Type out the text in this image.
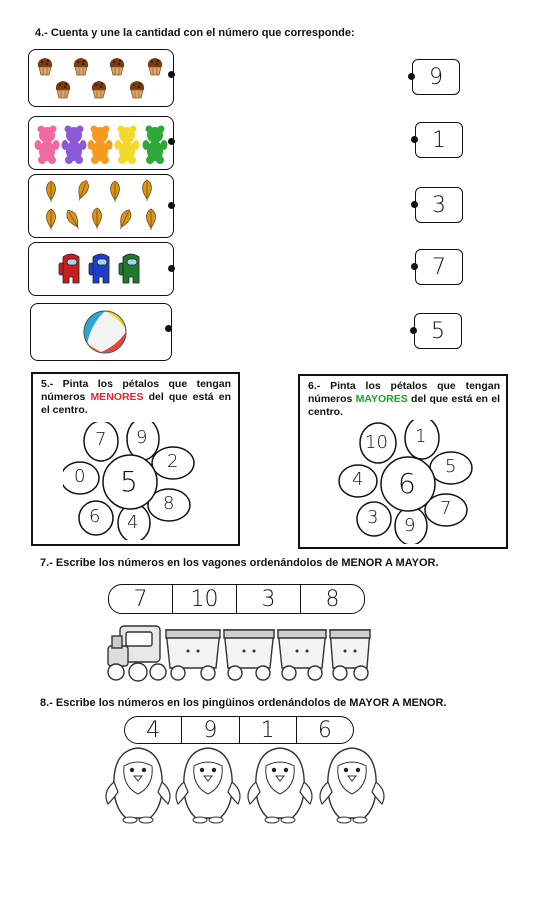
4.- Cuenta y une la cantidad con el número que corresponde:
9
1
3
7
5
5.- Pinta los pétalos que tengan números MENORES del que está en el centro.
9
2
8
4
6
0
7
5
6.- Pinta los pétalos que tengan números MAYORES del que está en el centro.
1
5
7
9
3
4
10
6
7.- Escribe los números en los vagones ordenándolos de MENOR A MAYOR.
7	10	3	8
8.- Escribe los números en los pingüinos ordenándolos de MAYOR A MENOR.
4	9	1	6
